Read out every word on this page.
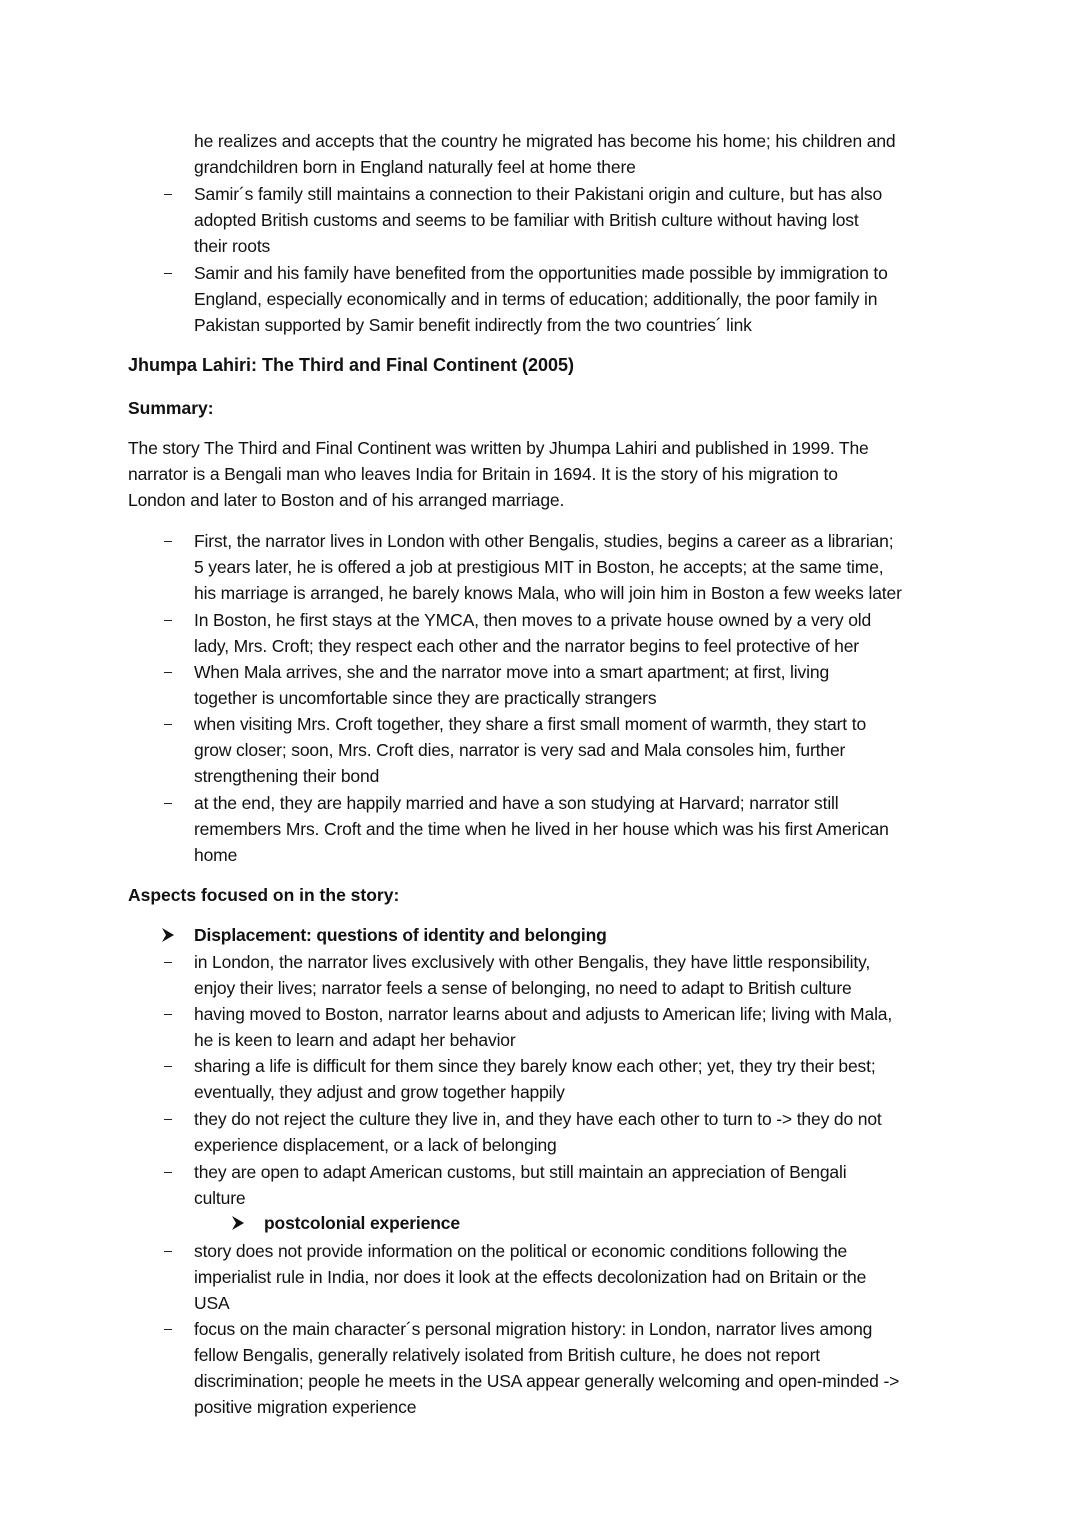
he realizes and accepts that the country he migrated has become his home; his children and
grandchildren born in England naturally feel at home there
Samir´s family still maintains a connection to their Pakistani origin and culture, but has also
adopted British customs and seems to be familiar with British culture without having lost
their roots
Samir and his family have benefited from the opportunities made possible by immigration to
England, especially economically and in terms of education; additionally, the poor family in
Pakistan supported by Samir benefit indirectly from the two countries´ link
Jhumpa Lahiri: The Third and Final Continent (2005)
Summary:
The story The Third and Final Continent was written by Jhumpa Lahiri and published in 1999. The
narrator is a Bengali man who leaves India for Britain in 1694. It is the story of his migration to
London and later to Boston and of his arranged marriage.
First, the narrator lives in London with other Bengalis, studies, begins a career as a librarian;
5 years later, he is offered a job at prestigious MIT in Boston, he accepts; at the same time,
his marriage is arranged, he barely knows Mala, who will join him in Boston a few weeks later
In Boston, he first stays at the YMCA, then moves to a private house owned by a very old
lady, Mrs. Croft; they respect each other and the narrator begins to feel protective of her
When Mala arrives, she and the narrator move into a smart apartment; at first, living
together is uncomfortable since they are practically strangers
when visiting Mrs. Croft together, they share a first small moment of warmth, they start to
grow closer; soon, Mrs. Croft dies, narrator is very sad and Mala consoles him, further
strengthening their bond
at the end, they are happily married and have a son studying at Harvard; narrator still
remembers Mrs. Croft and the time when he lived in her house which was his first American
home
Aspects focused on in the story:
Displacement: questions of identity and belonging
in London, the narrator lives exclusively with other Bengalis, they have little responsibility,
enjoy their lives; narrator feels a sense of belonging, no need to adapt to British culture
having moved to Boston, narrator learns about and adjusts to American life; living with Mala,
he is keen to learn and adapt her behavior
sharing a life is difficult for them since they barely know each other; yet, they try their best;
eventually, they adjust and grow together happily
they do not reject the culture they live in, and they have each other to turn to -> they do not
experience displacement, or a lack of belonging
they are open to adapt American customs, but still maintain an appreciation of Bengali
culture
postcolonial experience
story does not provide information on the political or economic conditions following the
imperialist rule in India, nor does it look at the effects decolonization had on Britain or the
USA
focus on the main character´s personal migration history: in London, narrator lives among
fellow Bengalis, generally relatively isolated from British culture, he does not report
discrimination; people he meets in the USA appear generally welcoming and open-minded ->
positive migration experience
